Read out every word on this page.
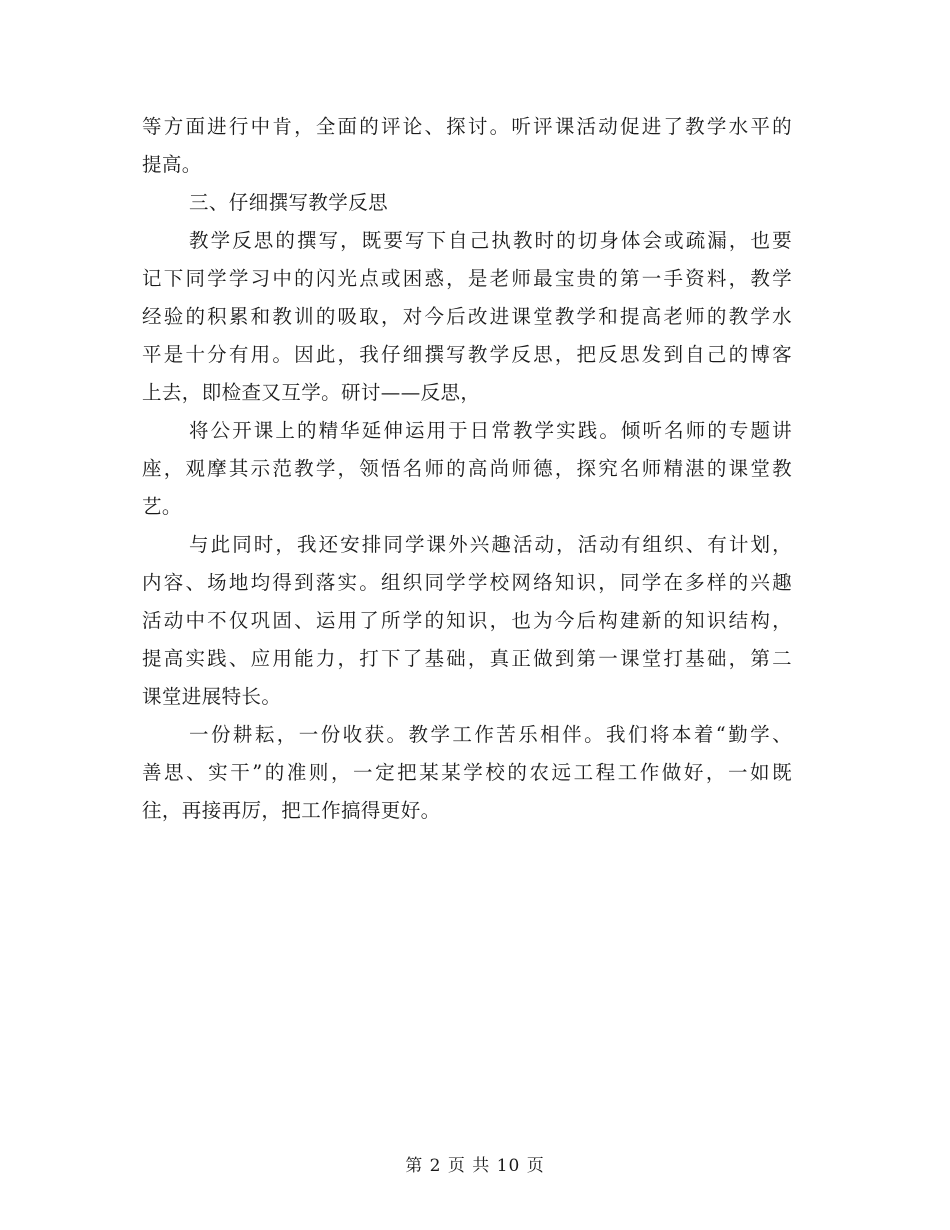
等方面进行中肯，全面的评论、探讨。听评课活动促进了教学水平的
提高。
三、仔细撰写教学反思
教学反思的撰写，既要写下自己执教时的切身体会或疏漏，也要
记下同学学习中的闪光点或困惑，是老师最宝贵的第一手资料，教学
经验的积累和教训的吸取，对今后改进课堂教学和提高老师的教学水
平是十分有用。因此，我仔细撰写教学反思，把反思发到自己的博客
上去，即检查又互学。研讨——反思，
将公开课上的精华延伸运用于日常教学实践。倾听名师的专题讲
座，观摩其示范教学，领悟名师的高尚师德，探究名师精湛的课堂教
艺。
与此同时，我还安排同学课外兴趣活动，活动有组织、有计划，
内容、场地均得到落实。组织同学学校网络知识，同学在多样的兴趣
活动中不仅巩固、运用了所学的知识，也为今后构建新的知识结构，
提高实践、应用能力，打下了基础，真正做到第一课堂打基础，第二
课堂进展特长。
一份耕耘，一份收获。教学工作苦乐相伴。我们将本着“勤学、
善思、实干”的准则，一定把某某学校的农远工程工作做好，一如既
往，再接再厉，把工作搞得更好。
第 2 页 共 10 页
